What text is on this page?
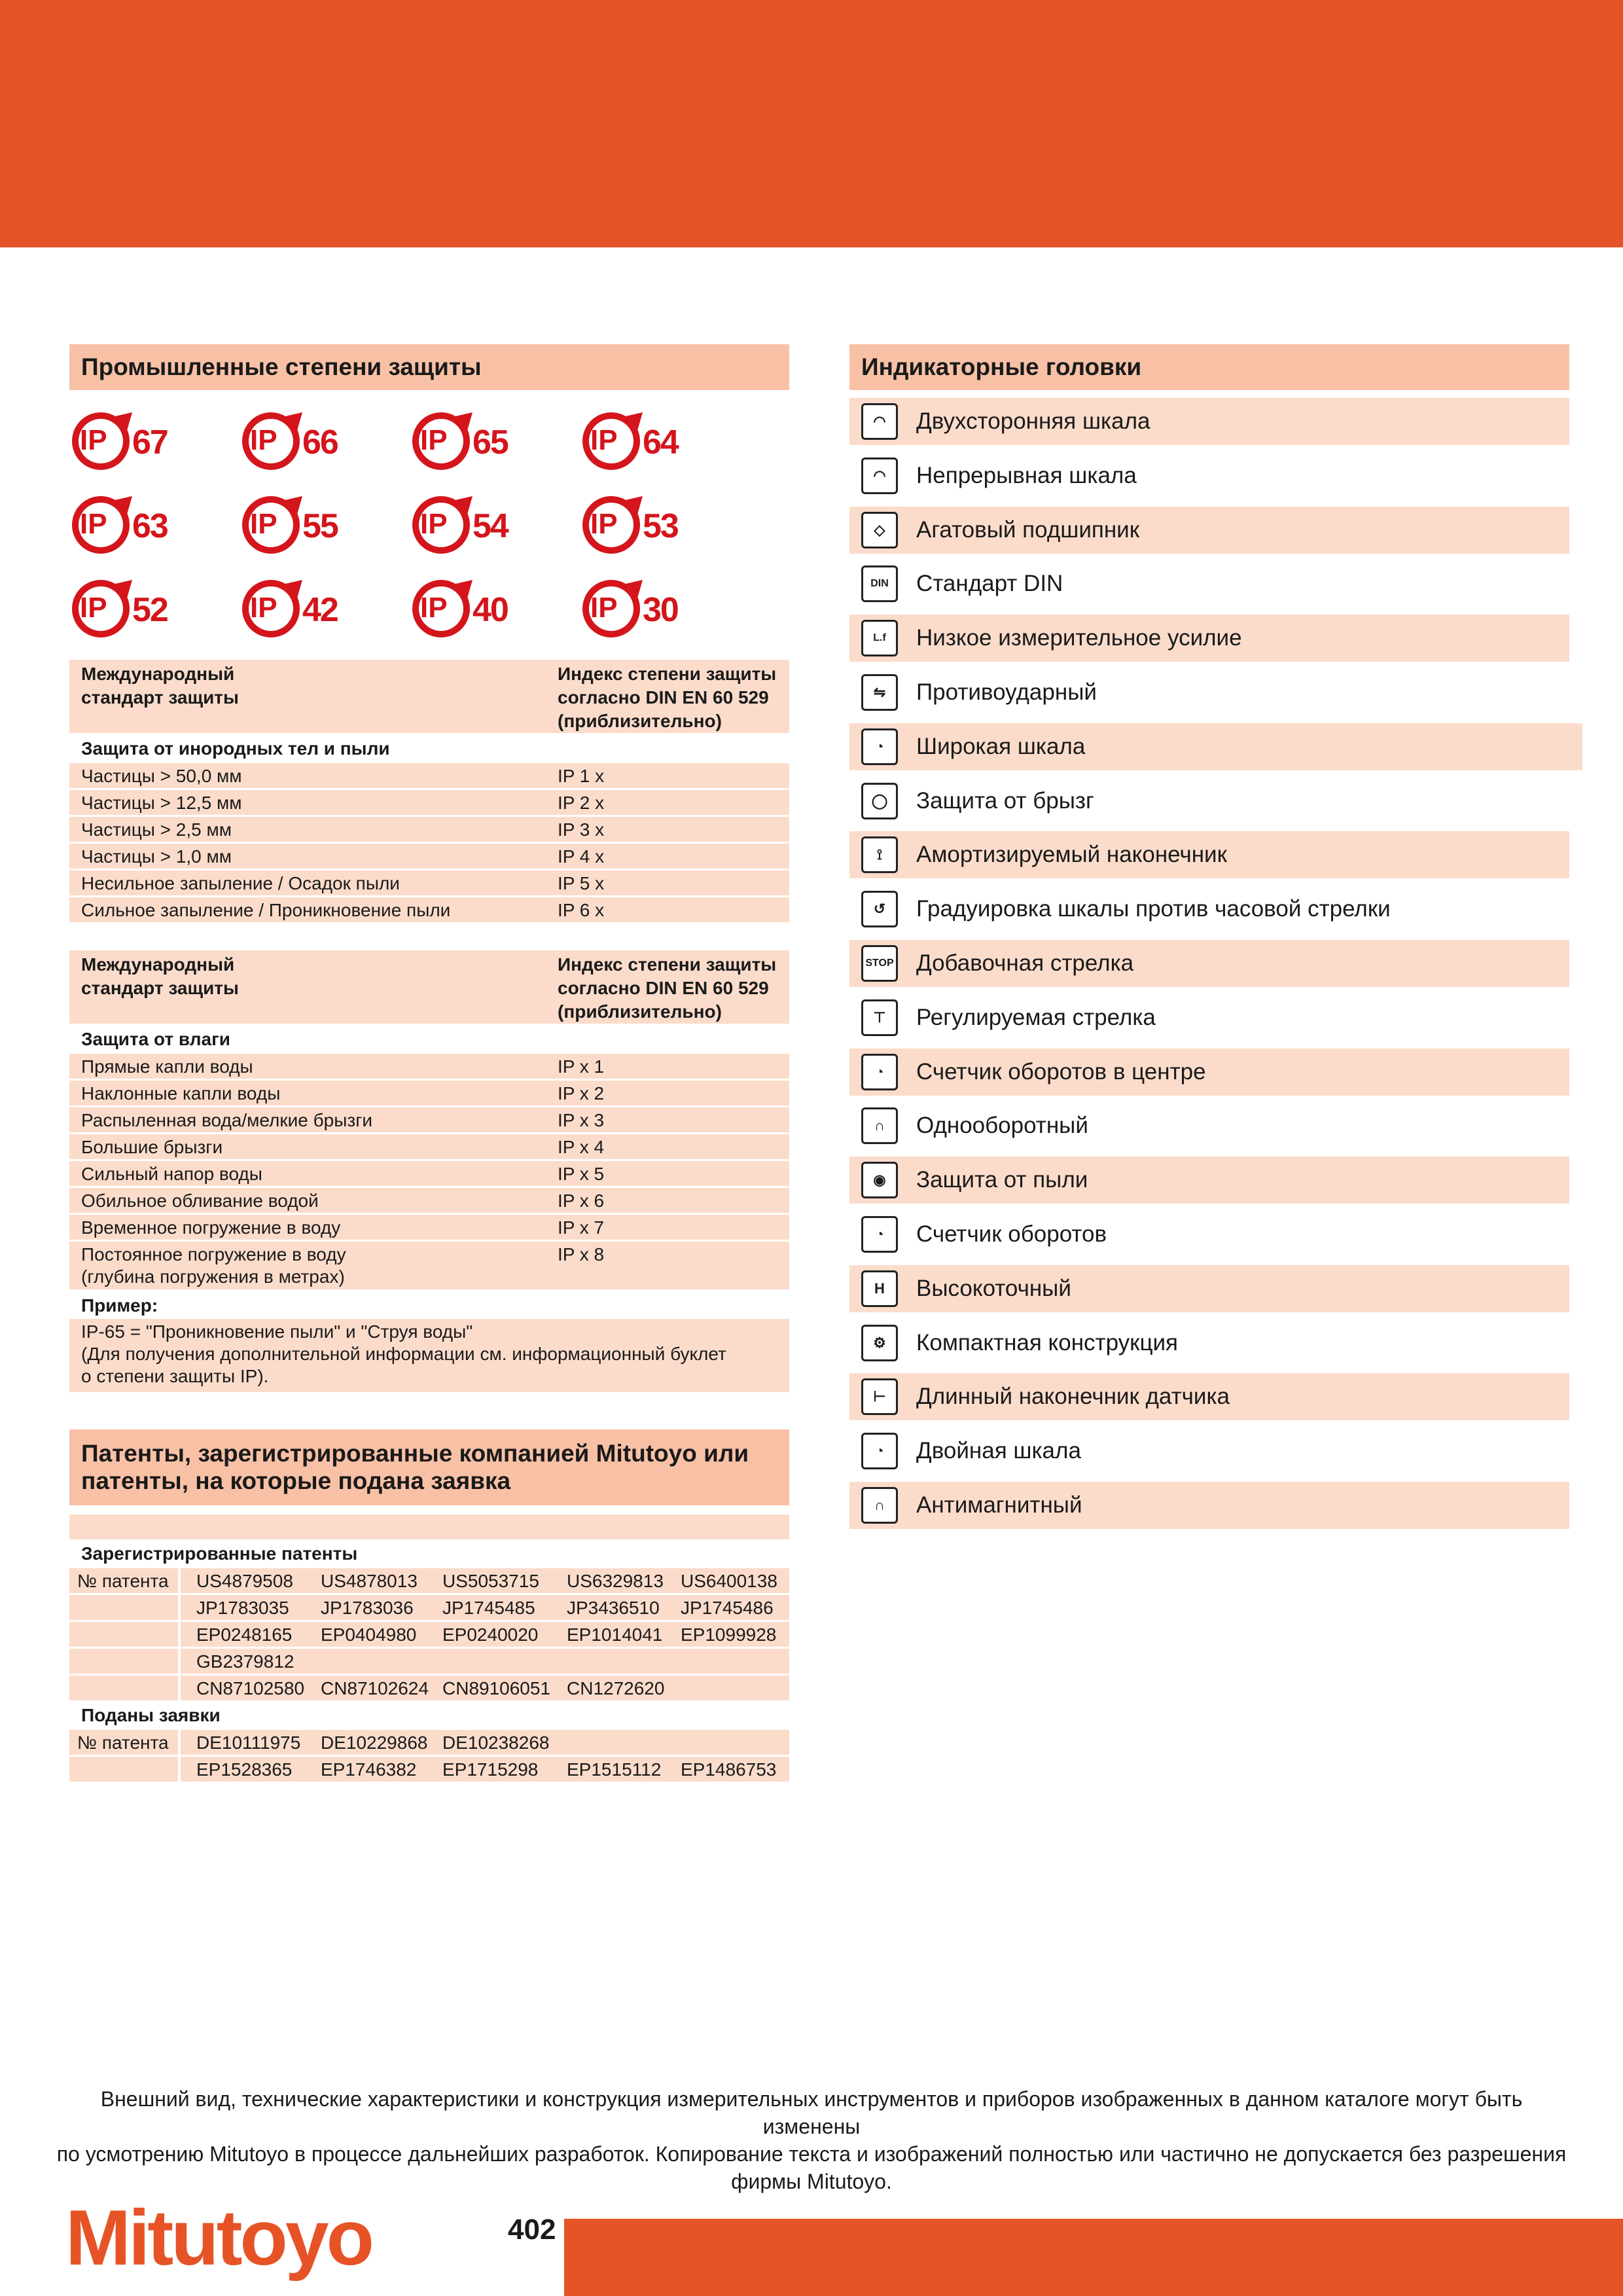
Промышленные степени защиты
IP 67	IP 66	IP 65	IP 64
IP 63	IP 55	IP 54	IP 53
IP 52	IP 42	IP 40	IP 30
Международный
стандарт защиты
Индекс степени защиты
согласно DIN EN 60 529
(приблизительно)
Защита от инородных тел и пыли
Частицы > 50,0 мм	IP 1 x
Частицы > 12,5 мм	IP 2 x
Частицы > 2,5 мм	IP 3 x
Частицы > 1,0 мм	IP 4 x
Несильное запыление / Осадок пыли	IP 5 x
Сильное запыление / Проникновение пыли	IP 6 x
Международный
стандарт защиты
Индекс степени защиты
согласно DIN EN 60 529
(приблизительно)
Защита от влаги
Прямые капли воды	IP x 1
Наклонные капли воды	IP x 2
Распыленная вода/мелкие брызги	IP x 3
Большие брызги	IP x 4
Сильный напор воды	IP x 5
Обильное обливание водой	IP x 6
Временное погружение в воду	IP x 7
Постоянное погружение в воду	IP x 8
(глубина погружения в метрах)
Пример:
IP-65 = "Проникновение пыли" и "Струя воды"
(Для получения дополнительной информации см. информационный буклет
о степени защиты IP).
Патенты, зарегистрированные компанией Mitutoyo или
патенты, на которые подана заявка
Зарегистрированные патенты
№ патента US4879508 US4878013 US5053715 US6329813 US6400138
JP1783035 JP1783036 JP1745485 JP3436510 JP1745486
EP0248165 EP0404980 EP0240020 EP1014041 EP1099928
GB2379812
CN87102580 CN87102624 CN89106051 CN1272620
Поданы заявки
№ патента DE10111975 DE10229868 DE10238268
EP1528365 EP1746382 EP1715298 EP1515112 EP1486753
Индикаторные головки
◠	Двухсторонняя шкала
◠	Непрерывная шкала
◇	Агатовый подшипник
DIN	Стандарт DIN
L.f	Низкое измерительное усилие
⇋	Противоударный
◔	Широкая шкала
◯	Защита от брызг
⟟	Амортизируемый наконечник
↺	Градуировка шкалы против часовой стрелки
STOP Добавочная стрелка
⊤	Регулируемая стрелка
◔	Счетчик оборотов в центре
∩	Однооборотный
◉	Защита от пыли
◔	Счетчик оборотов
H	Высокоточный
⚙	Компактная конструкция
⊢	Длинный наконечник датчика
◔	Двойная шкала
∩	Антимагнитный
Внешний вид, технические характеристики и конструкция измерительных инструментов и приборов изображенных в данном каталоге могут быть изменены
по усмотрению Mitutoyo в процессе дальнейших разработок. Копирование текста и изображений полностью или частично не допускается без разрешения
фирмы Mitutoyo.
Mitutoyo	402
